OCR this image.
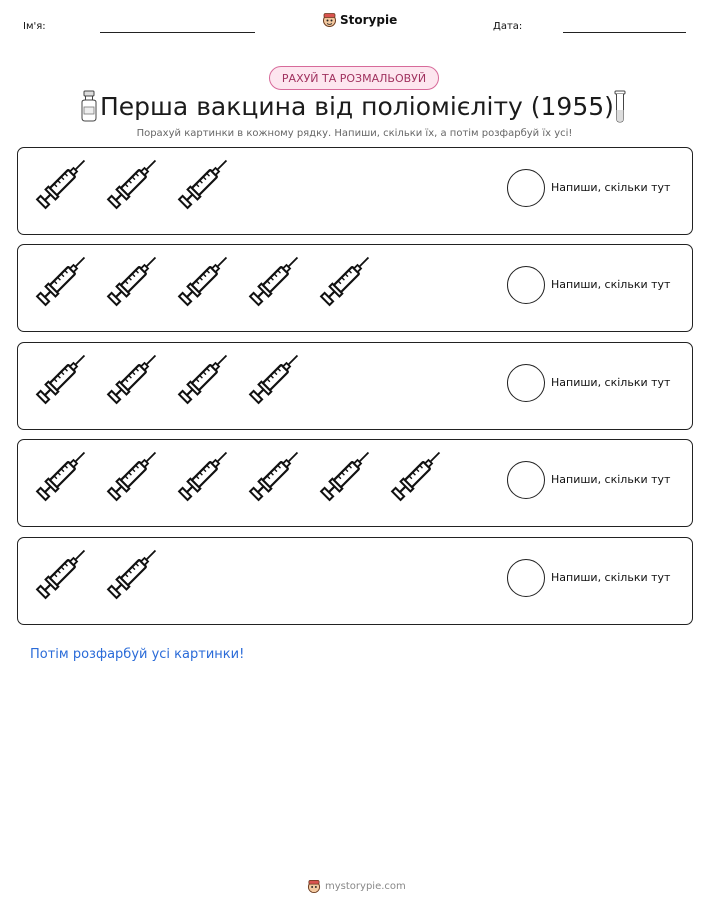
Ім'я:	Storypie	Дата:
РАХУЙ ТА РОЗМАЛЬОВУЙ
Перша вакцина від поліомієліту (1955)
Порахуй картинки в кожному рядку. Напиши, скільки їх, а потім розфарбуй їх усі!
Напиши, скільки тут
Напиши, скільки тут
Напиши, скільки тут
Напиши, скільки тут
Напиши, скільки тут
Потім розфарбуй усі картинки!
mystorypie.com
